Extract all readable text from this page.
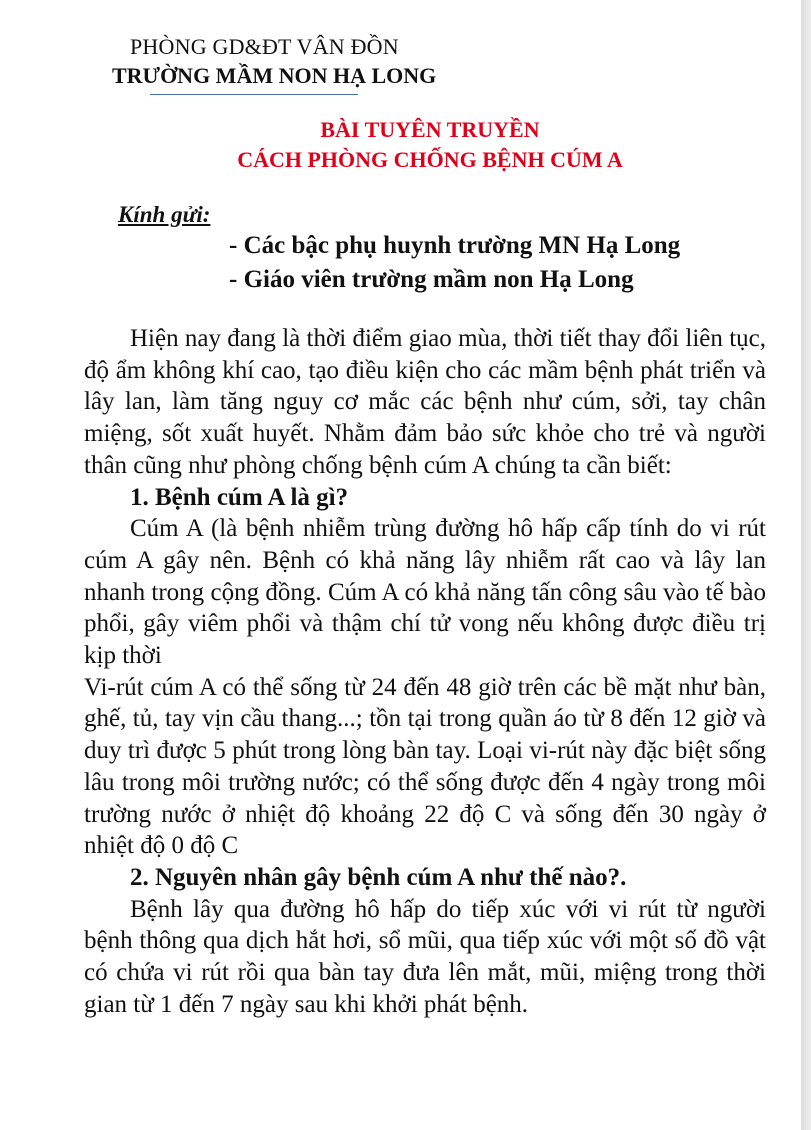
PHÒNG GD&ĐT VÂN ĐỒN
TRƯỜNG MẦM NON HẠ LONG
BÀI TUYÊN TRUYỀN
CÁCH PHÒNG CHỐNG BỆNH CÚM A
Kính gửi:
- Các bậc phụ huynh trường MN Hạ Long
- Giáo viên trường mầm non Hạ Long

Hiện nay đang là thời điểm giao mùa, thời tiết thay đổi liên tục, độ ẩm không khí cao, tạo điều kiện cho các mầm bệnh phát triển và lây lan, làm tăng nguy cơ mắc các bệnh như cúm, sởi, tay chân miệng, sốt xuất huyết. Nhằm đảm bảo sức khỏe cho trẻ và người thân cũng như phòng chống bệnh cúm A chúng ta cần biết:

1. Bệnh cúm A là gì?

Cúm A (là bệnh nhiễm trùng đường hô hấp cấp tính do vi rút cúm A gây nên. Bệnh có khả năng lây nhiễm rất cao và lây lan nhanh trong cộng đồng. Cúm A có khả năng tấn công sâu vào tế bào phổi, gây viêm phổi và thậm chí tử vong nếu không được điều trị kịp thời

Vi-rút cúm A có thể sống từ 24 đến 48 giờ trên các bề mặt như bàn, ghế, tủ, tay vịn cầu thang...; tồn tại trong quần áo từ 8 đến 12 giờ và duy trì được 5 phút trong lòng bàn tay. Loại vi-rút này đặc biệt sống lâu trong môi trường nước; có thể sống được đến 4 ngày trong môi trường nước ở nhiệt độ khoảng 22 độ C và sống đến 30 ngày ở nhiệt độ 0 độ C

2. Nguyên nhân gây bệnh cúm A như thế nào?.

Bệnh lây qua đường hô hấp do tiếp xúc với vi rút từ người bệnh thông qua dịch hắt hơi, sổ mũi, qua tiếp xúc với một số đồ vật có chứa vi rút rồi qua bàn tay đưa lên mắt, mũi, miệng trong thời gian từ 1 đến 7 ngày sau khi khởi phát bệnh.
